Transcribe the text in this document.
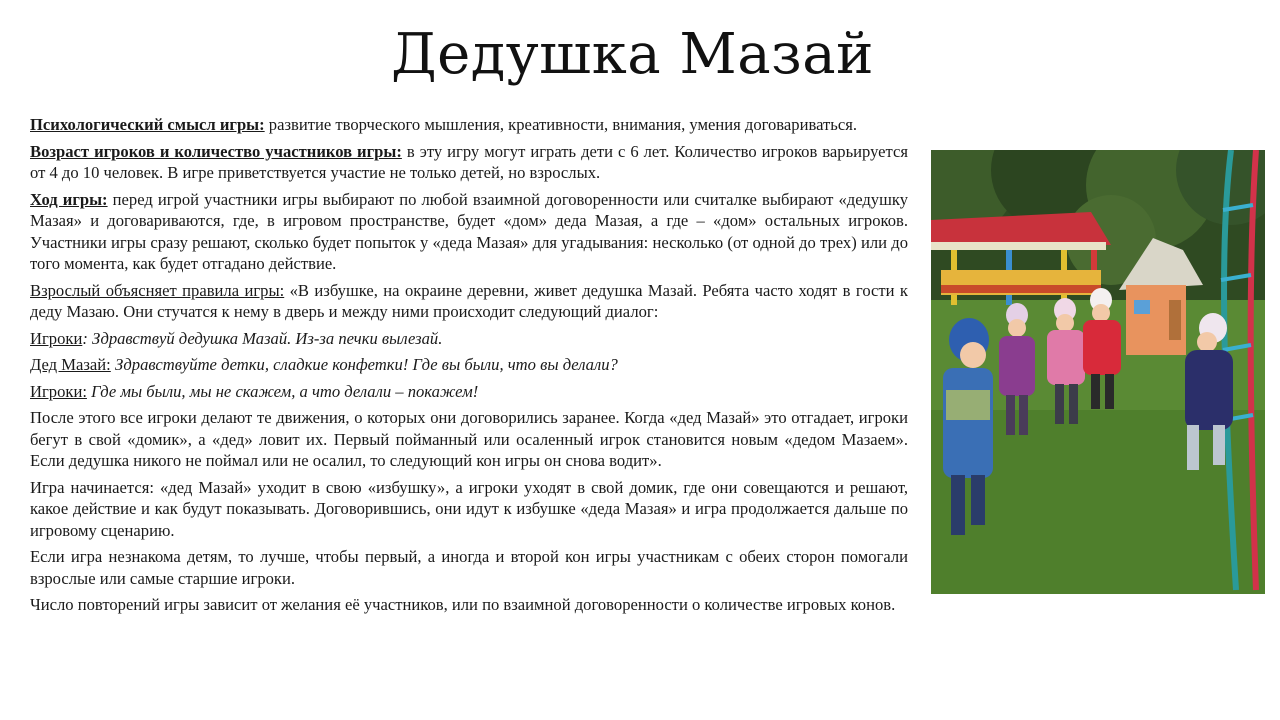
Дедушка Мазай

Психологический смысл игры: развитие творческого мышления, креативности, внимания, умения договариваться.

Возраст игроков и количество участников игры: в эту игру могут играть дети с 6 лет. Количество игроков варьируется от 4 до 10 человек. В игре приветствуется участие не только детей, но взрослых.

Ход игры: перед игрой участники игры выбирают по любой взаимной договоренности или считалке выбирают «дедушку Мазая» и договариваются, где, в игровом пространстве, будет «дом» деда Мазая, а где – «дом» остальных игроков. Участники игры сразу решают, сколько будет попыток у «деда Мазая» для угадывания: несколько (от одной до трех) или до того момента, как будет отгадано действие.

Взрослый объясняет правила игры: «В избушке, на окраине деревни, живет дедушка Мазай. Ребята часто ходят в гости к деду Мазаю. Они стучатся к нему в дверь и между ними происходит следующий диалог:

Игроки: Здравствуй дедушка Мазай. Из-за печки вылезай.

Дед Мазай: Здравствуйте детки, сладкие конфетки! Где вы были, что вы делали?

Игроки: Где мы были, мы не скажем, а что делали – покажем!

После этого все игроки делают те движения, о которых они договорились заранее. Когда «дед Мазай» это отгадает, игроки бегут в свой «домик», а «дед» ловит их. Первый пойманный или осаленный игрок становится новым «дедом Мазаем». Если дедушка никого не поймал или не осалил, то следующий кон игры он снова водит».

Игра начинается: «дед Мазай» уходит в свою «избушку», а игроки уходят в свой домик, где они совещаются и решают, какое действие и как будут показывать. Договорившись, они идут к избушке «деда Мазая» и игра продолжается дальше по игровому сценарию.

Если игра незнакома детям, то лучше, чтобы первый, а иногда и второй кон игры участникам с обеих сторон помогали взрослые или самые старшие игроки.

Число повторений игры зависит от желания её участников, или по взаимной договоренности о количестве игровых конов.
